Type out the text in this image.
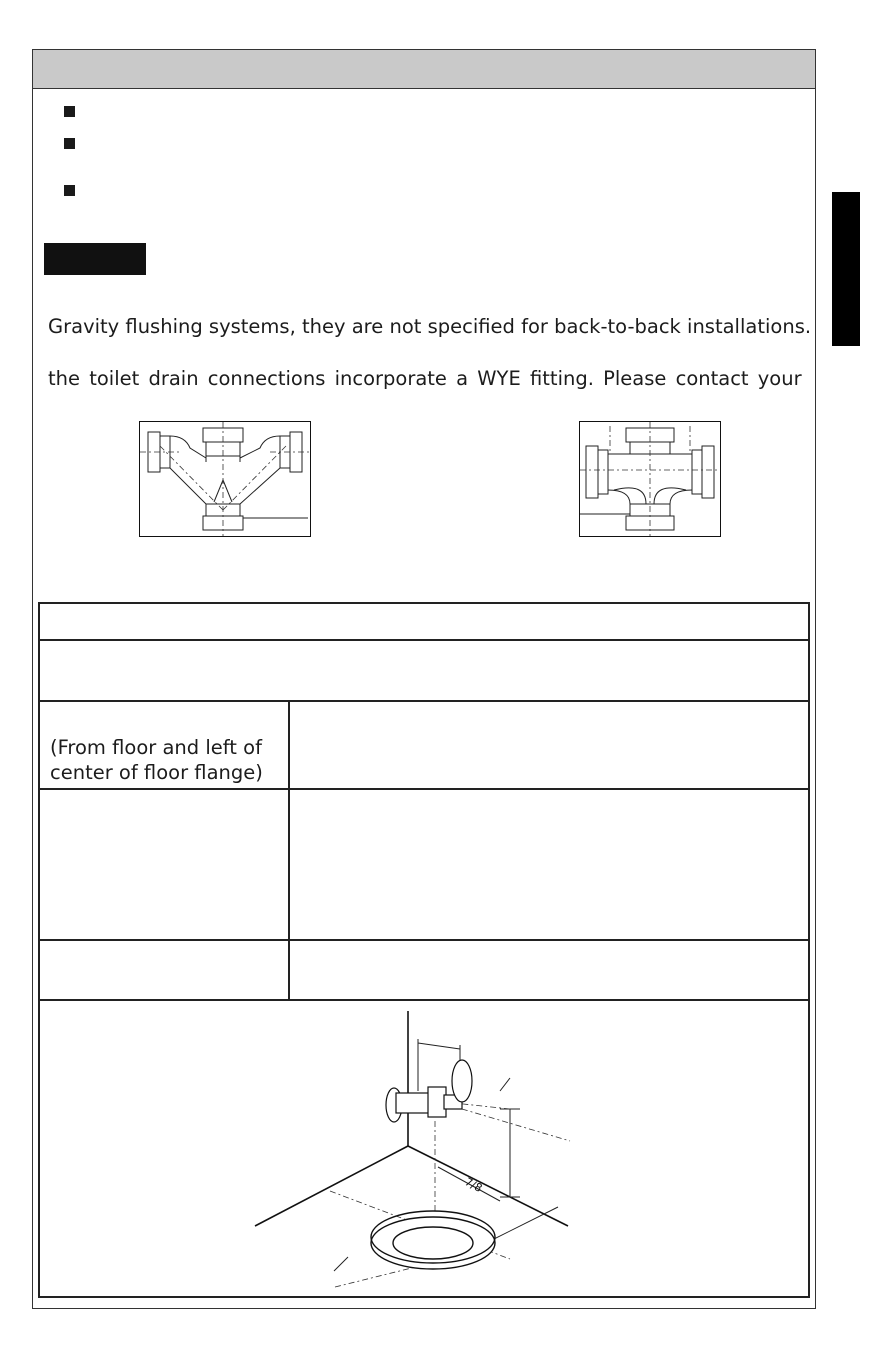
Gravity flushing systems, they are not specified for back-to-back installations.
the toilet drain connections incorporate a WYE fitting. Please contact your
(From floor and left of
center of floor flange)
7/8
